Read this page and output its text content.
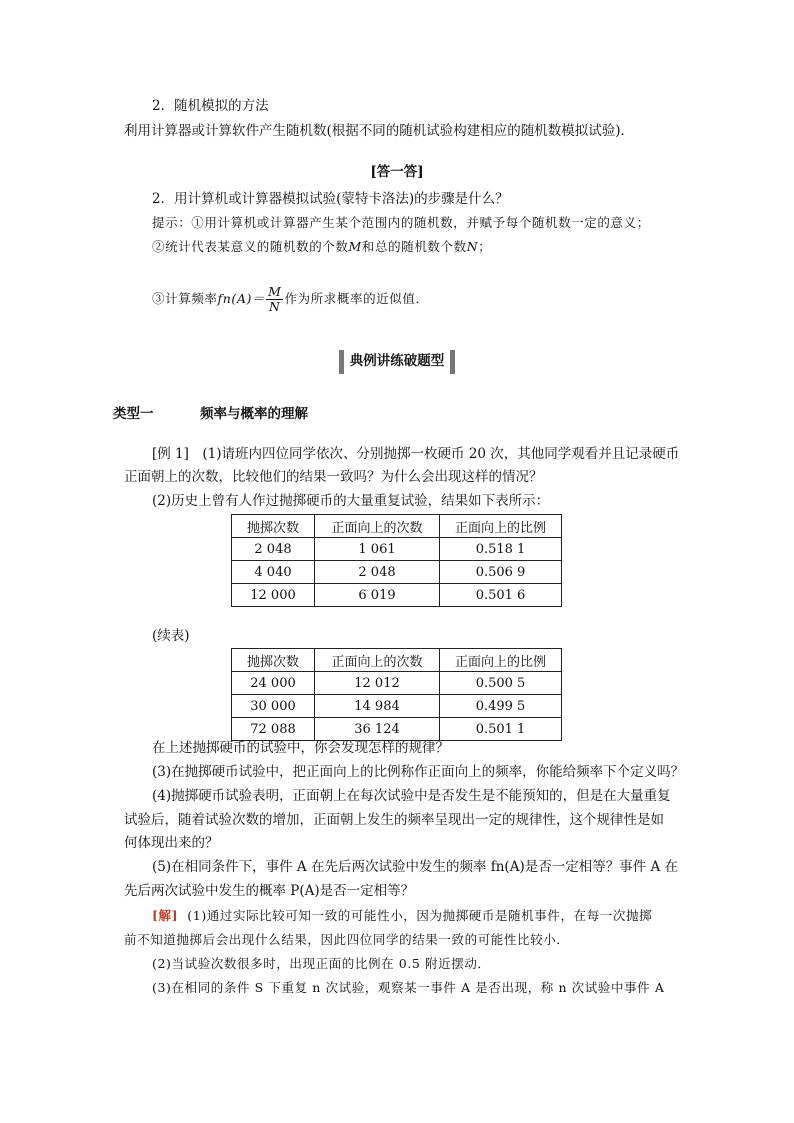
2．随机模拟的方法
利用计算器或计算软件产生随机数(根据不同的随机试验构建相应的随机数模拟试验)．
[答一答]
2．用计算机或计算器模拟试验(蒙特卡洛法)的步骤是什么？
提示：①用计算机或计算器产生某个范围内的随机数，并赋予每个随机数一定的意义；
②统计代表某意义的随机数的个数M和总的随机数个数N；
③计算频率$fn(A)= \frac{M}{N}$ 作为所求概率的近似值．
典例讲练破题型
类型一	频率与概率的理解
[例 1]　(1)请班内四位同学依次、分别抛掷一枚硬币 20 次，其他同学观看并且记录硬币
正面朝上的次数，比较他们的结果一致吗？为什么会出现这样的情况？
(2)历史上曾有人作过抛掷硬币的大量重复试验，结果如下表所示：
抛掷次数	正面向上的次数	正面向上的比例
2 048	1 061	0.518 1
4 040	2 048	0.506 9
12 000	6 019	0.501 6
(续表)
抛掷次数	正面向上的次数	正面向上的比例
24 000	12 012	0.500 5
30 000	14 984	0.499 5
72 088	36 124	0.501 1
在上述抛掷硬币的试验中，你会发现怎样的规律？
(3)在抛掷硬币试验中，把正面向上的比例称作正面向上的频率，你能给频率下个定义吗？
(4)抛掷硬币试验表明，正面朝上在每次试验中是否发生是不能预知的，但是在大量重复
试验后，随着试验次数的增加，正面朝上发生的频率呈现出一定的规律性，这个规律性是如
何体现出来的？
(5)在相同条件下，事件 A 在先后两次试验中发生的频率 fn(A)是否一定相等？事件 A 在
先后两次试验中发生的概率 P(A)是否一定相等？
[解] (1)通过实际比较可知一致的可能性小，因为抛掷硬币是随机事件，在每一次抛掷
前不知道抛掷后会出现什么结果，因此四位同学的结果一致的可能性比较小．
(2)当试验次数很多时，出现正面的比例在 0.5 附近摆动．
(3)在相同的条件 S 下重复 n 次试验，观察某一事件 A 是否出现，称 n 次试验中事件 A
